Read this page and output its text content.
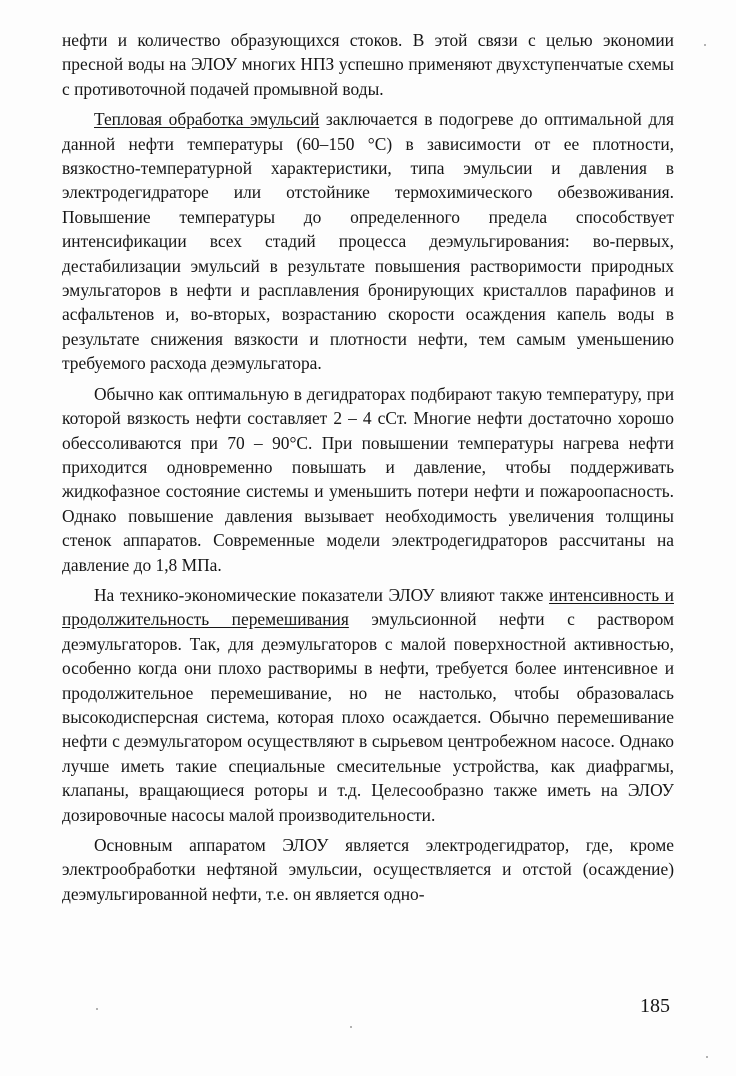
нефти и количество образующихся стоков. В этой связи с целью экономии пресной воды на ЭЛОУ многих НПЗ успешно применяют двухступенчатые схемы с противоточной подачей промывной воды.

Тепловая обработка эмульсий заключается в подогреве до оптимальной для данной нефти температуры (60–150 °С) в зависимости от ее плотности, вязкостно-температурной характеристики, типа эмульсии и давления в электродегидраторе или отстойнике термохимического обезвоживания. Повышение температуры до определенного предела способствует интенсификации всех стадий процесса деэмульгирования: во-первых, дестабилизации эмульсий в результате повышения растворимости природных эмульгаторов в нефти и расплавления бронирующих кристаллов парафинов и асфальтенов и, во-вторых, возрастанию скорости осаждения капель воды в результате снижения вязкости и плотности нефти, тем самым уменьшению требуемого расхода деэмульгатора.

Обычно как оптимальную в дегидраторах подбирают такую температуру, при которой вязкость нефти составляет 2 – 4 сСт. Многие нефти достаточно хорошо обессоливаются при 70 – 90°С. При повышении температуры нагрева нефти приходится одновременно повышать и давление, чтобы поддерживать жидкофазное состояние системы и уменьшить потери нефти и пожароопасность. Однако повышение давления вызывает необходимость увеличения толщины стенок аппаратов. Современные модели электродегидраторов рассчитаны на давление до 1,8 МПа.

На технико-экономические показатели ЭЛОУ влияют также интенсивность и продолжительность перемешивания эмульсионной нефти с раствором деэмульгаторов. Так, для деэмульгаторов с малой поверхностной активностью, особенно когда они плохо растворимы в нефти, требуется более интенсивное и продолжительное перемешивание, но не настолько, чтобы образовалась высокодисперсная система, которая плохо осаждается. Обычно перемешивание нефти с деэмульгатором осуществляют в сырьевом центробежном насосе. Однако лучше иметь такие специальные смесительные устройства, как диафрагмы, клапаны, вращающиеся роторы и т.д. Целесообразно также иметь на ЭЛОУ дозировочные насосы малой производительности.

Основным аппаратом ЭЛОУ является электродегидратор, где, кроме электрообработки нефтяной эмульсии, осуществляется и отстой (осаждение) деэмульгированной нефти, т.е. он является одно-

185
